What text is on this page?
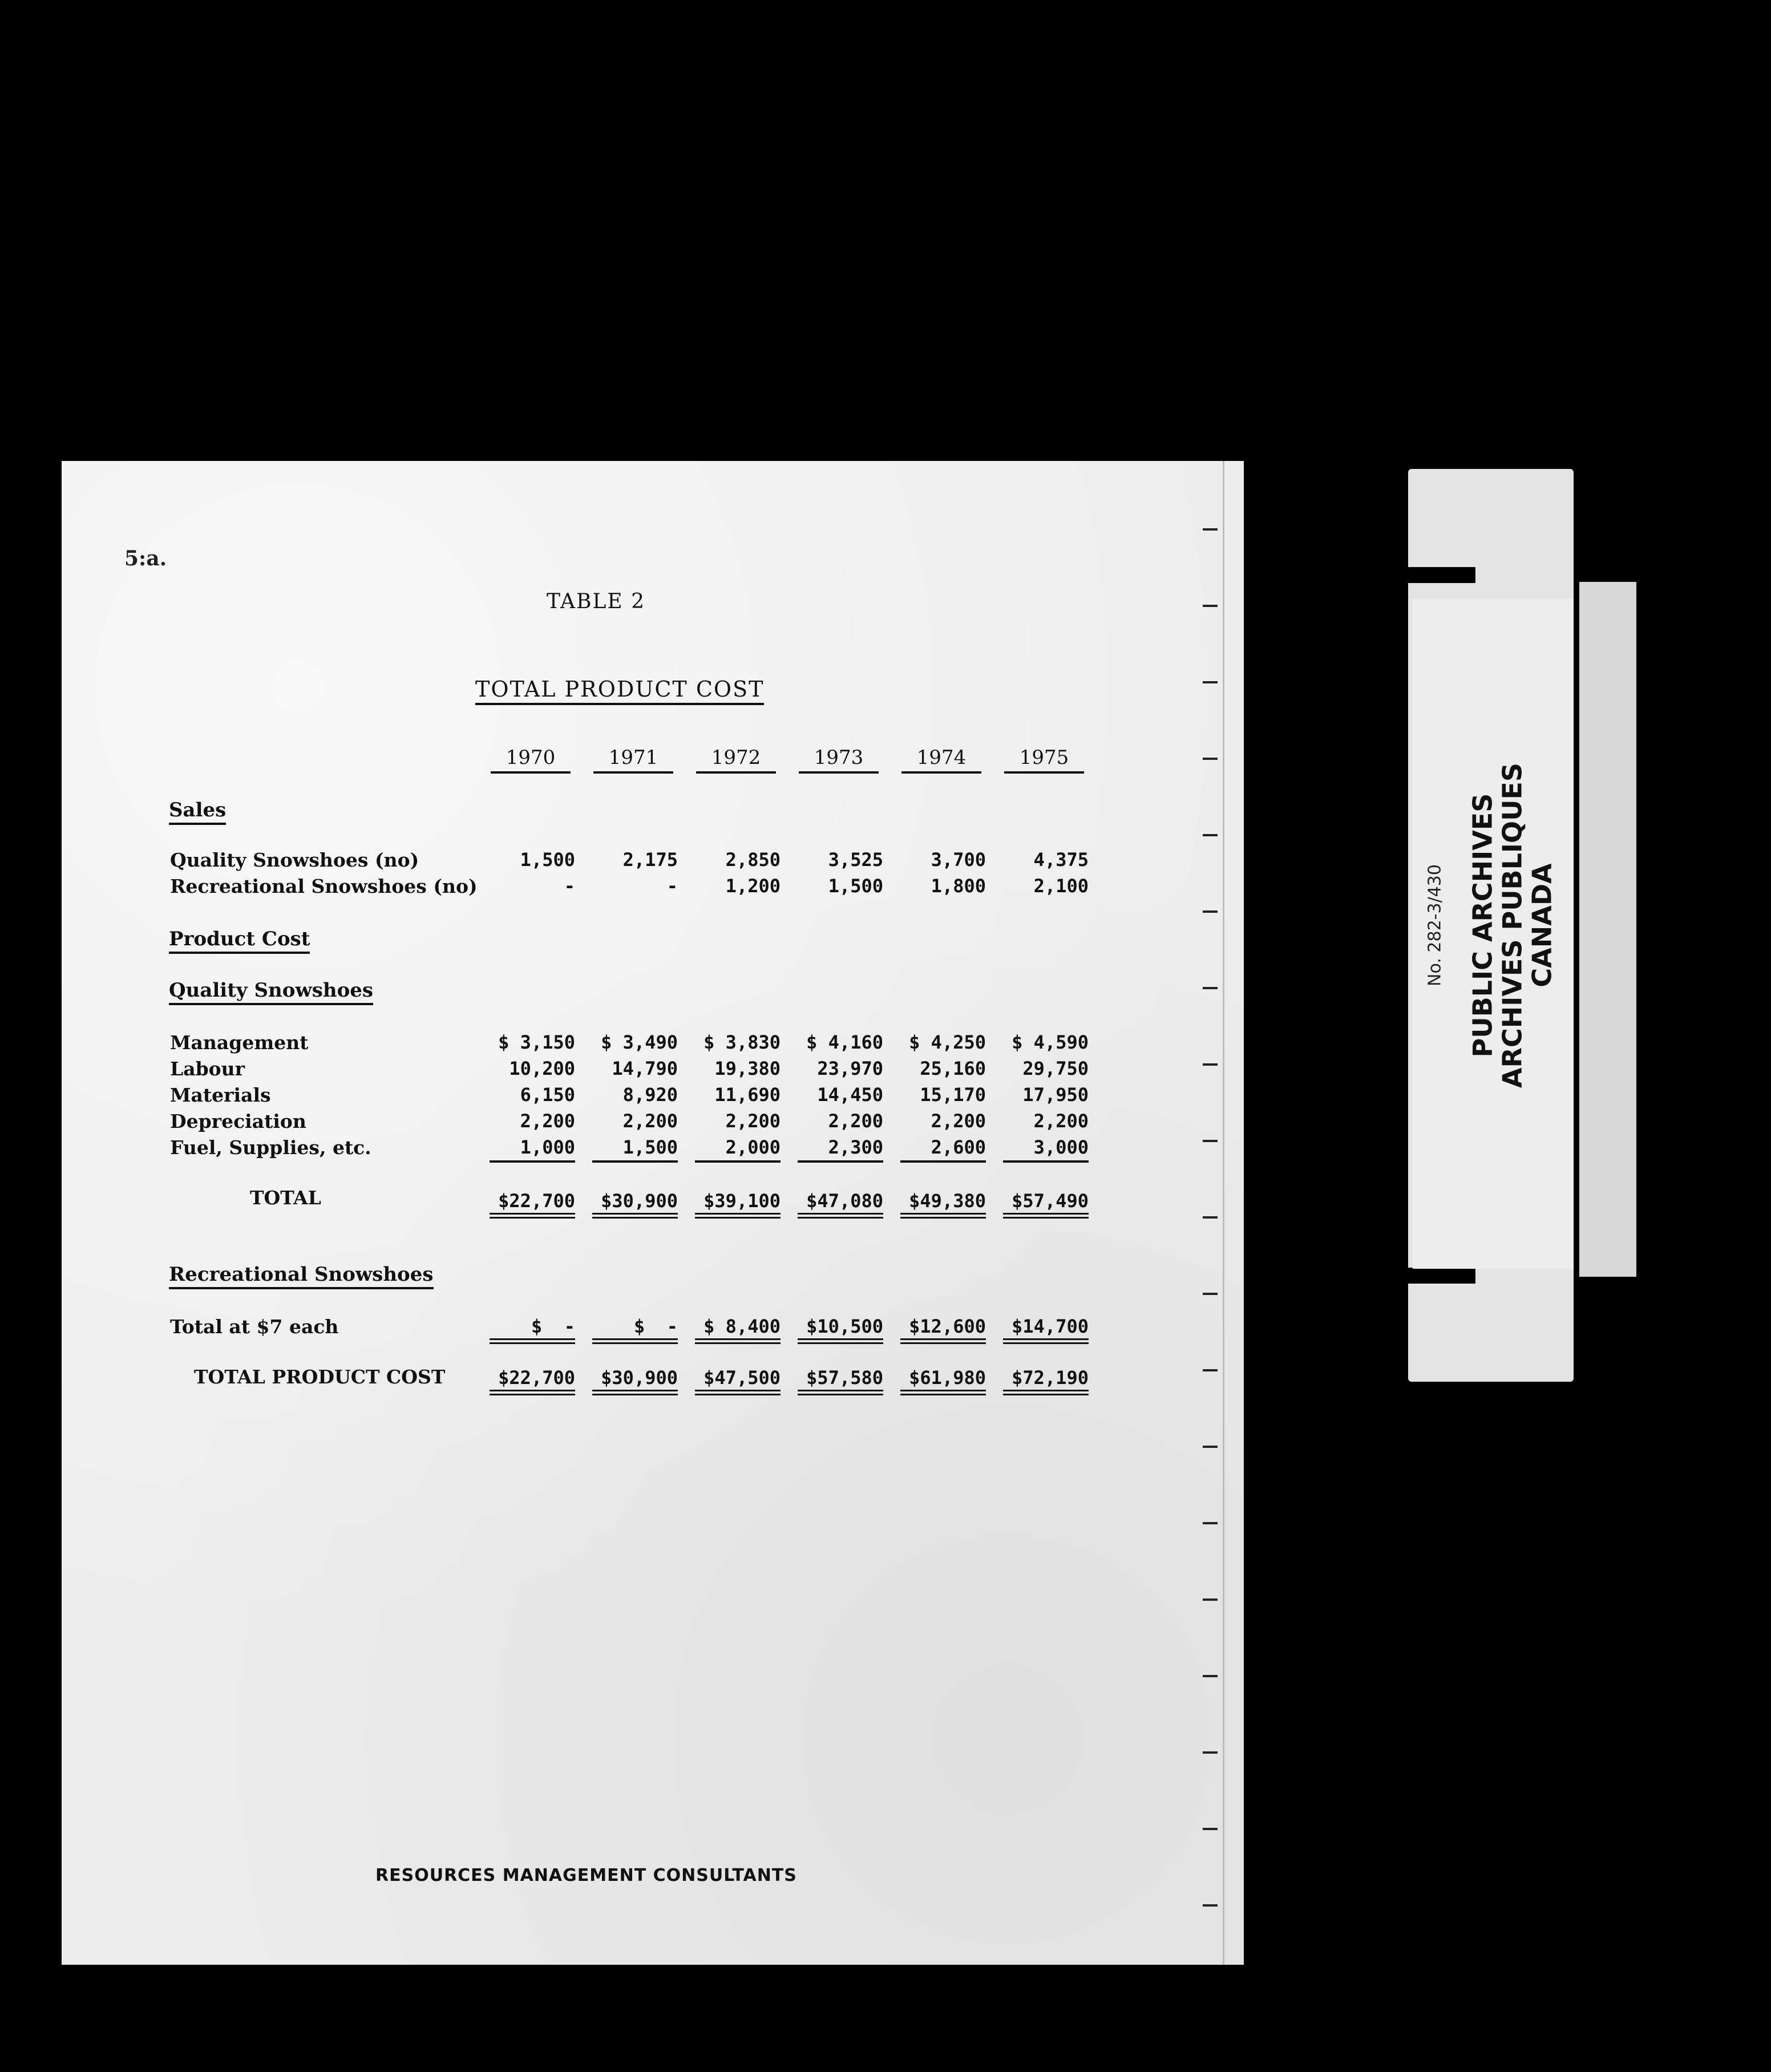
5:a.
TABLE 2
TOTAL PRODUCT COST
1970	1971	1972	1973	1974	1975
Sales
Quality Snowshoes (no)	1,500	2,175	2,850	3,525	3,700	4,375
Recreational Snowshoes (no)	-	-	1,200	1,500	1,800	2,100
Product Cost
Quality Snowshoes
Management	$ 3,150	$ 3,490	$ 3,830	$ 4,160	$ 4,250	$ 4,590
Labour	10,200	14,790	19,380	23,970	25,160	29,750
Materials	6,150	8,920	11,690	14,450	15,170	17,950
Depreciation	2,200	2,200	2,200	2,200	2,200	2,200
Fuel, Supplies, etc.	1,000	1,500	2,000	2,300	2,600	3,000
TOTAL	$22,700	$30,900	$39,100	$47,080	$49,380	$57,490
Recreational Snowshoes
Total at $7 each	$  -	$  -	$ 8,400	$10,500	$12,600	$14,700
TOTAL PRODUCT COST	$22,700	$30,900	$47,500	$57,580	$61,980	$72,190
RESOURCES MANAGEMENT CONSULTANTS
No. 282-3/430 PUBLIC ARCHIVES
ARCHIVES PUBLIQUES
CANADA
